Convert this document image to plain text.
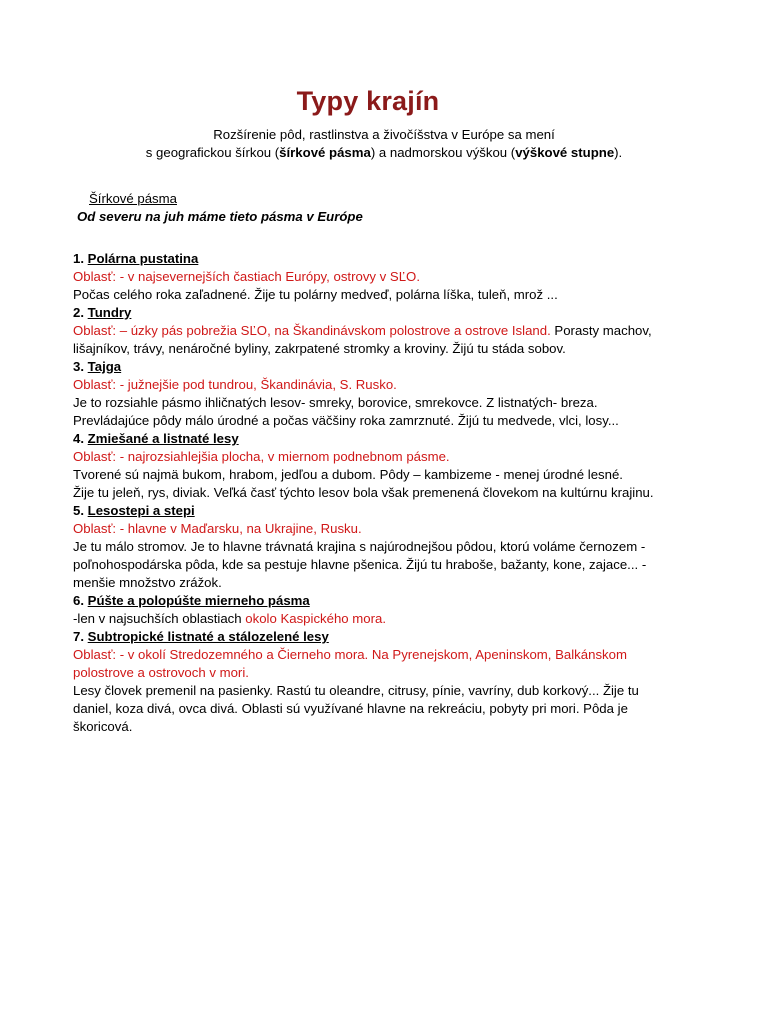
Typy krajín
Rozšírenie pôd, rastlinstva a živočíšstva v Európe sa mení
s geografickou šírkou (šírkové pásma) a nadmorskou výškou (výškové stupne).
Šírkové pásma
Od severu na juh máme tieto pásma v Európe
1. Polárna pustatina
Oblasť: - v najsevernejších častiach Európy, ostrovy v SĽO.
Počas celého roka zaľadnené. Žije tu polárny medveď, polárna líška, tuleň, mrož ...
2. Tundry
Oblasť: – úzky pás pobrežia SĽO, na Škandinávskom polostrove a ostrove Island. Porasty machov,
lišajníkov, trávy, nenáročné byliny, zakrpatené stromky a kroviny. Žijú tu stáda sobov.
3. Tajga
Oblasť: - južnejšie pod tundrou, Škandinávia, S. Rusko.
Je to rozsiahle pásmo ihličnatých lesov- smreky, borovice, smrekovce. Z listnatých- breza.
Prevládajúce pôdy málo úrodné a počas väčšiny roka zamrznuté. Žijú tu medvede, vlci, losy...
4. Zmiešané a listnaté lesy
Oblasť: - najrozsiahlejšia plocha, v miernom podnebnom pásme.
Tvorené sú najmä bukom, hrabom, jedľou a dubom. Pôdy – kambizeme - menej úrodné lesné.
Žije tu jeleň, rys, diviak. Veľká časť týchto lesov bola však premenená človekom na kultúrnu krajinu.
5. Lesostepi a stepi
Oblasť: - hlavne v Maďarsku, na Ukrajine, Rusku.
Je tu málo stromov. Je to hlavne trávnatá krajina s najúrodnejšou pôdou, ktorú voláme černozem -
poľnohospodárska pôda, kde sa pestuje hlavne pšenica. Žijú tu hraboše, bažanty, kone, zajace... -
menšie množstvo zrážok.
6. Púšte a polopúšte mierneho pásma
-len v najsuchších oblastiach okolo Kaspického mora.
7. Subtropické listnaté a stálozelené lesy
Oblasť: - v okolí Stredozemného a Čierneho mora. Na Pyrenejskom, Apeninskom, Balkánskom
polostrove a ostrovoch v mori.
Lesy človek premenil na pasienky. Rastú tu oleandre, citrusy, pínie, vavríny, dub korkový... Žije tu
daniel, koza divá, ovca divá. Oblasti sú využívané hlavne na rekreáciu, pobyty pri mori. Pôda je
škoricová.
